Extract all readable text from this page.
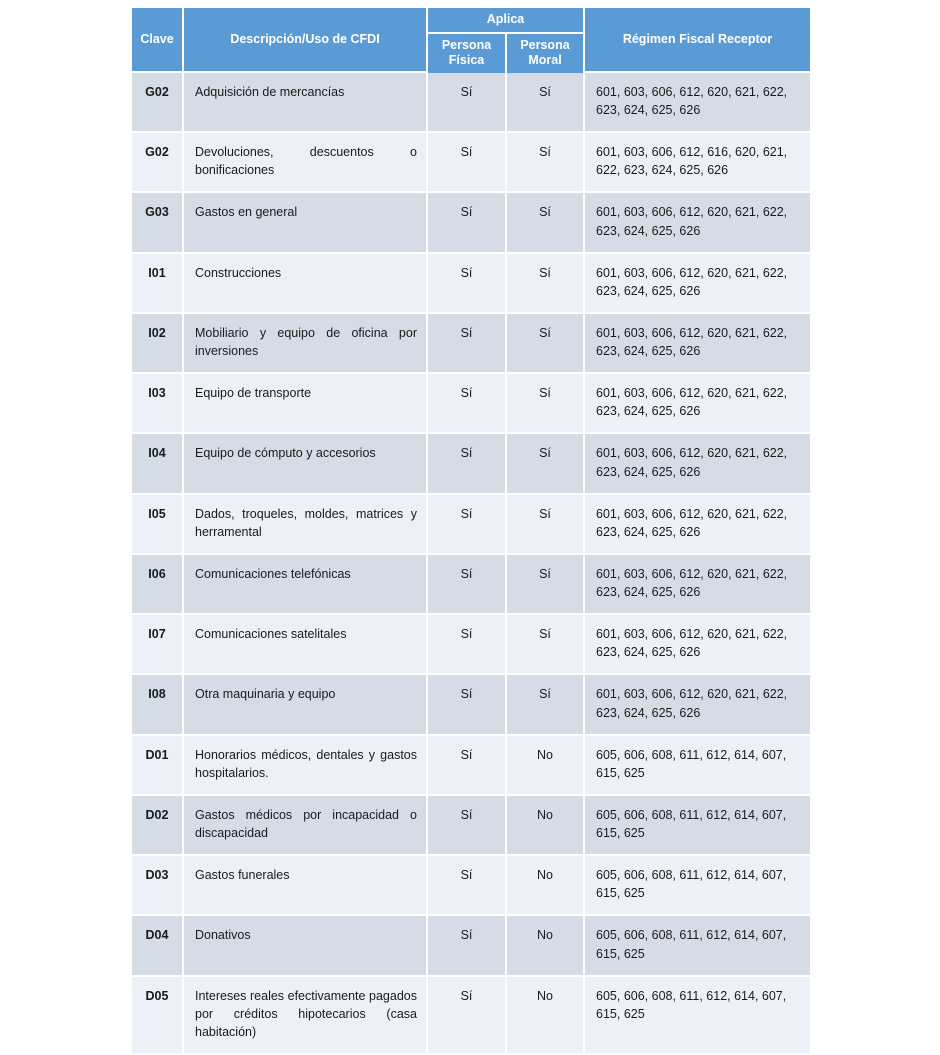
Clave	Descripción/Uso de CFDI	Aplica		Régimen Fiscal Receptor
		Persona Física	Persona Moral	
G02	Adquisición de mercancías	Sí	Sí	601, 603, 606, 612, 620, 621, 622, 623, 624, 625, 626
G02	Devoluciones, descuentos o bonificaciones	Sí	Sí	601, 603, 606, 612, 616, 620, 621, 622, 623, 624, 625, 626
G03	Gastos en general	Sí	Sí	601, 603, 606, 612, 620, 621, 622, 623, 624, 625, 626
I01	Construcciones	Sí	Sí	601, 603, 606, 612, 620, 621, 622, 623, 624, 625, 626
I02	Mobiliario y equipo de oficina por inversiones	Sí	Sí	601, 603, 606, 612, 620, 621, 622, 623, 624, 625, 626
I03	Equipo de transporte	Sí	Sí	601, 603, 606, 612, 620, 621, 622, 623, 624, 625, 626
I04	Equipo de cómputo y accesorios	Sí	Sí	601, 603, 606, 612, 620, 621, 622, 623, 624, 625, 626
I05	Dados, troqueles, moldes, matrices y herramental	Sí	Sí	601, 603, 606, 612, 620, 621, 622, 623, 624, 625, 626
I06	Comunicaciones telefónicas	Sí	Sí	601, 603, 606, 612, 620, 621, 622, 623, 624, 625, 626
I07	Comunicaciones satelitales	Sí	Sí	601, 603, 606, 612, 620, 621, 622, 623, 624, 625, 626
I08	Otra maquinaria y equipo	Sí	Sí	601, 603, 606, 612, 620, 621, 622, 623, 624, 625, 626
D01	Honorarios médicos, dentales y gastos hospitalarios.	Sí	No	605, 606, 608, 611, 612, 614, 607, 615, 625
D02	Gastos médicos por incapacidad o discapacidad	Sí	No	605, 606, 608, 611, 612, 614, 607, 615, 625
D03	Gastos funerales	Sí	No	605, 606, 608, 611, 612, 614, 607, 615, 625
D04	Donativos	Sí	No	605, 606, 608, 611, 612, 614, 607, 615, 625
D05	Intereses reales efectivamente pagados por créditos hipotecarios (casa habitación)	Sí	No	605, 606, 608, 611, 612, 614, 607, 615, 625
